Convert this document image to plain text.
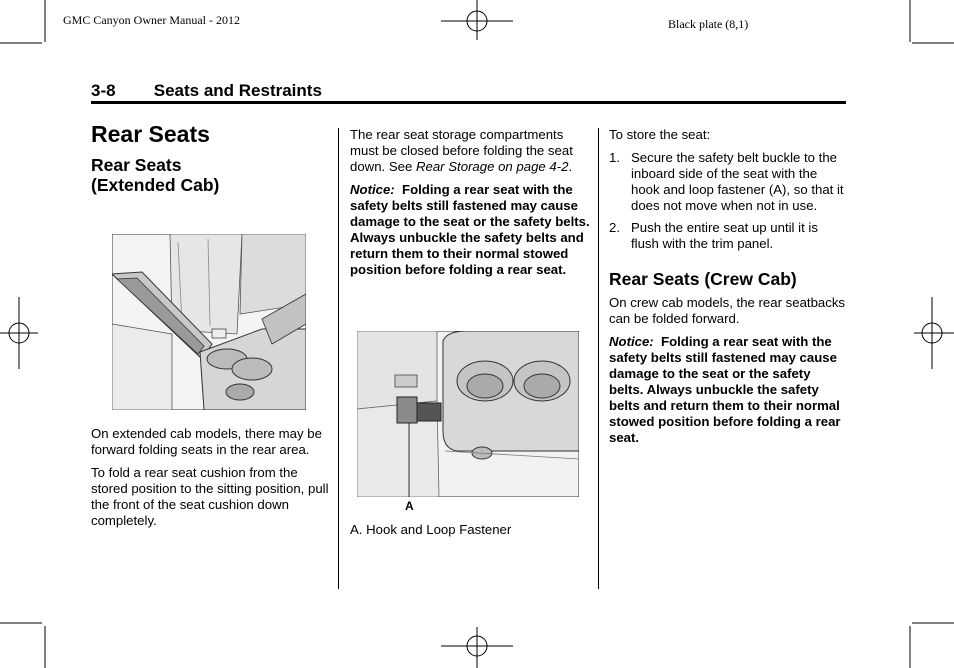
GMC Canyon Owner Manual - 2012	Black plate (8,1)
3-8 Seats and Restraints
Rear Seats
Rear Seats
(Extended Cab)

On extended cab models, there may be forward folding seats in the rear area.

To fold a rear seat cushion from the stored position to the sitting position, pull the front of the seat cushion down completely.

The rear seat storage compartments must be closed before folding the seat down. See Rear Storage on page 4-2.

Notice: Folding a rear seat with the safety belts still fastened may cause damage to the seat or the safety belts. Always unbuckle the safety belts and return them to their normal stowed position before folding a rear seat.

A
A. Hook and Loop Fastener

To store the seat:

1. Secure the safety belt buckle to the inboard side of the seat with the hook and loop fastener (A), so that it does not move when not in use.
2. Push the entire seat up until it is flush with the trim panel.
Rear Seats (Crew Cab)

On crew cab models, the rear seatbacks can be folded forward.

Notice: Folding a rear seat with the safety belts still fastened may cause damage to the seat or the safety belts. Always unbuckle the safety belts and return them to their normal stowed position before folding a rear seat.
